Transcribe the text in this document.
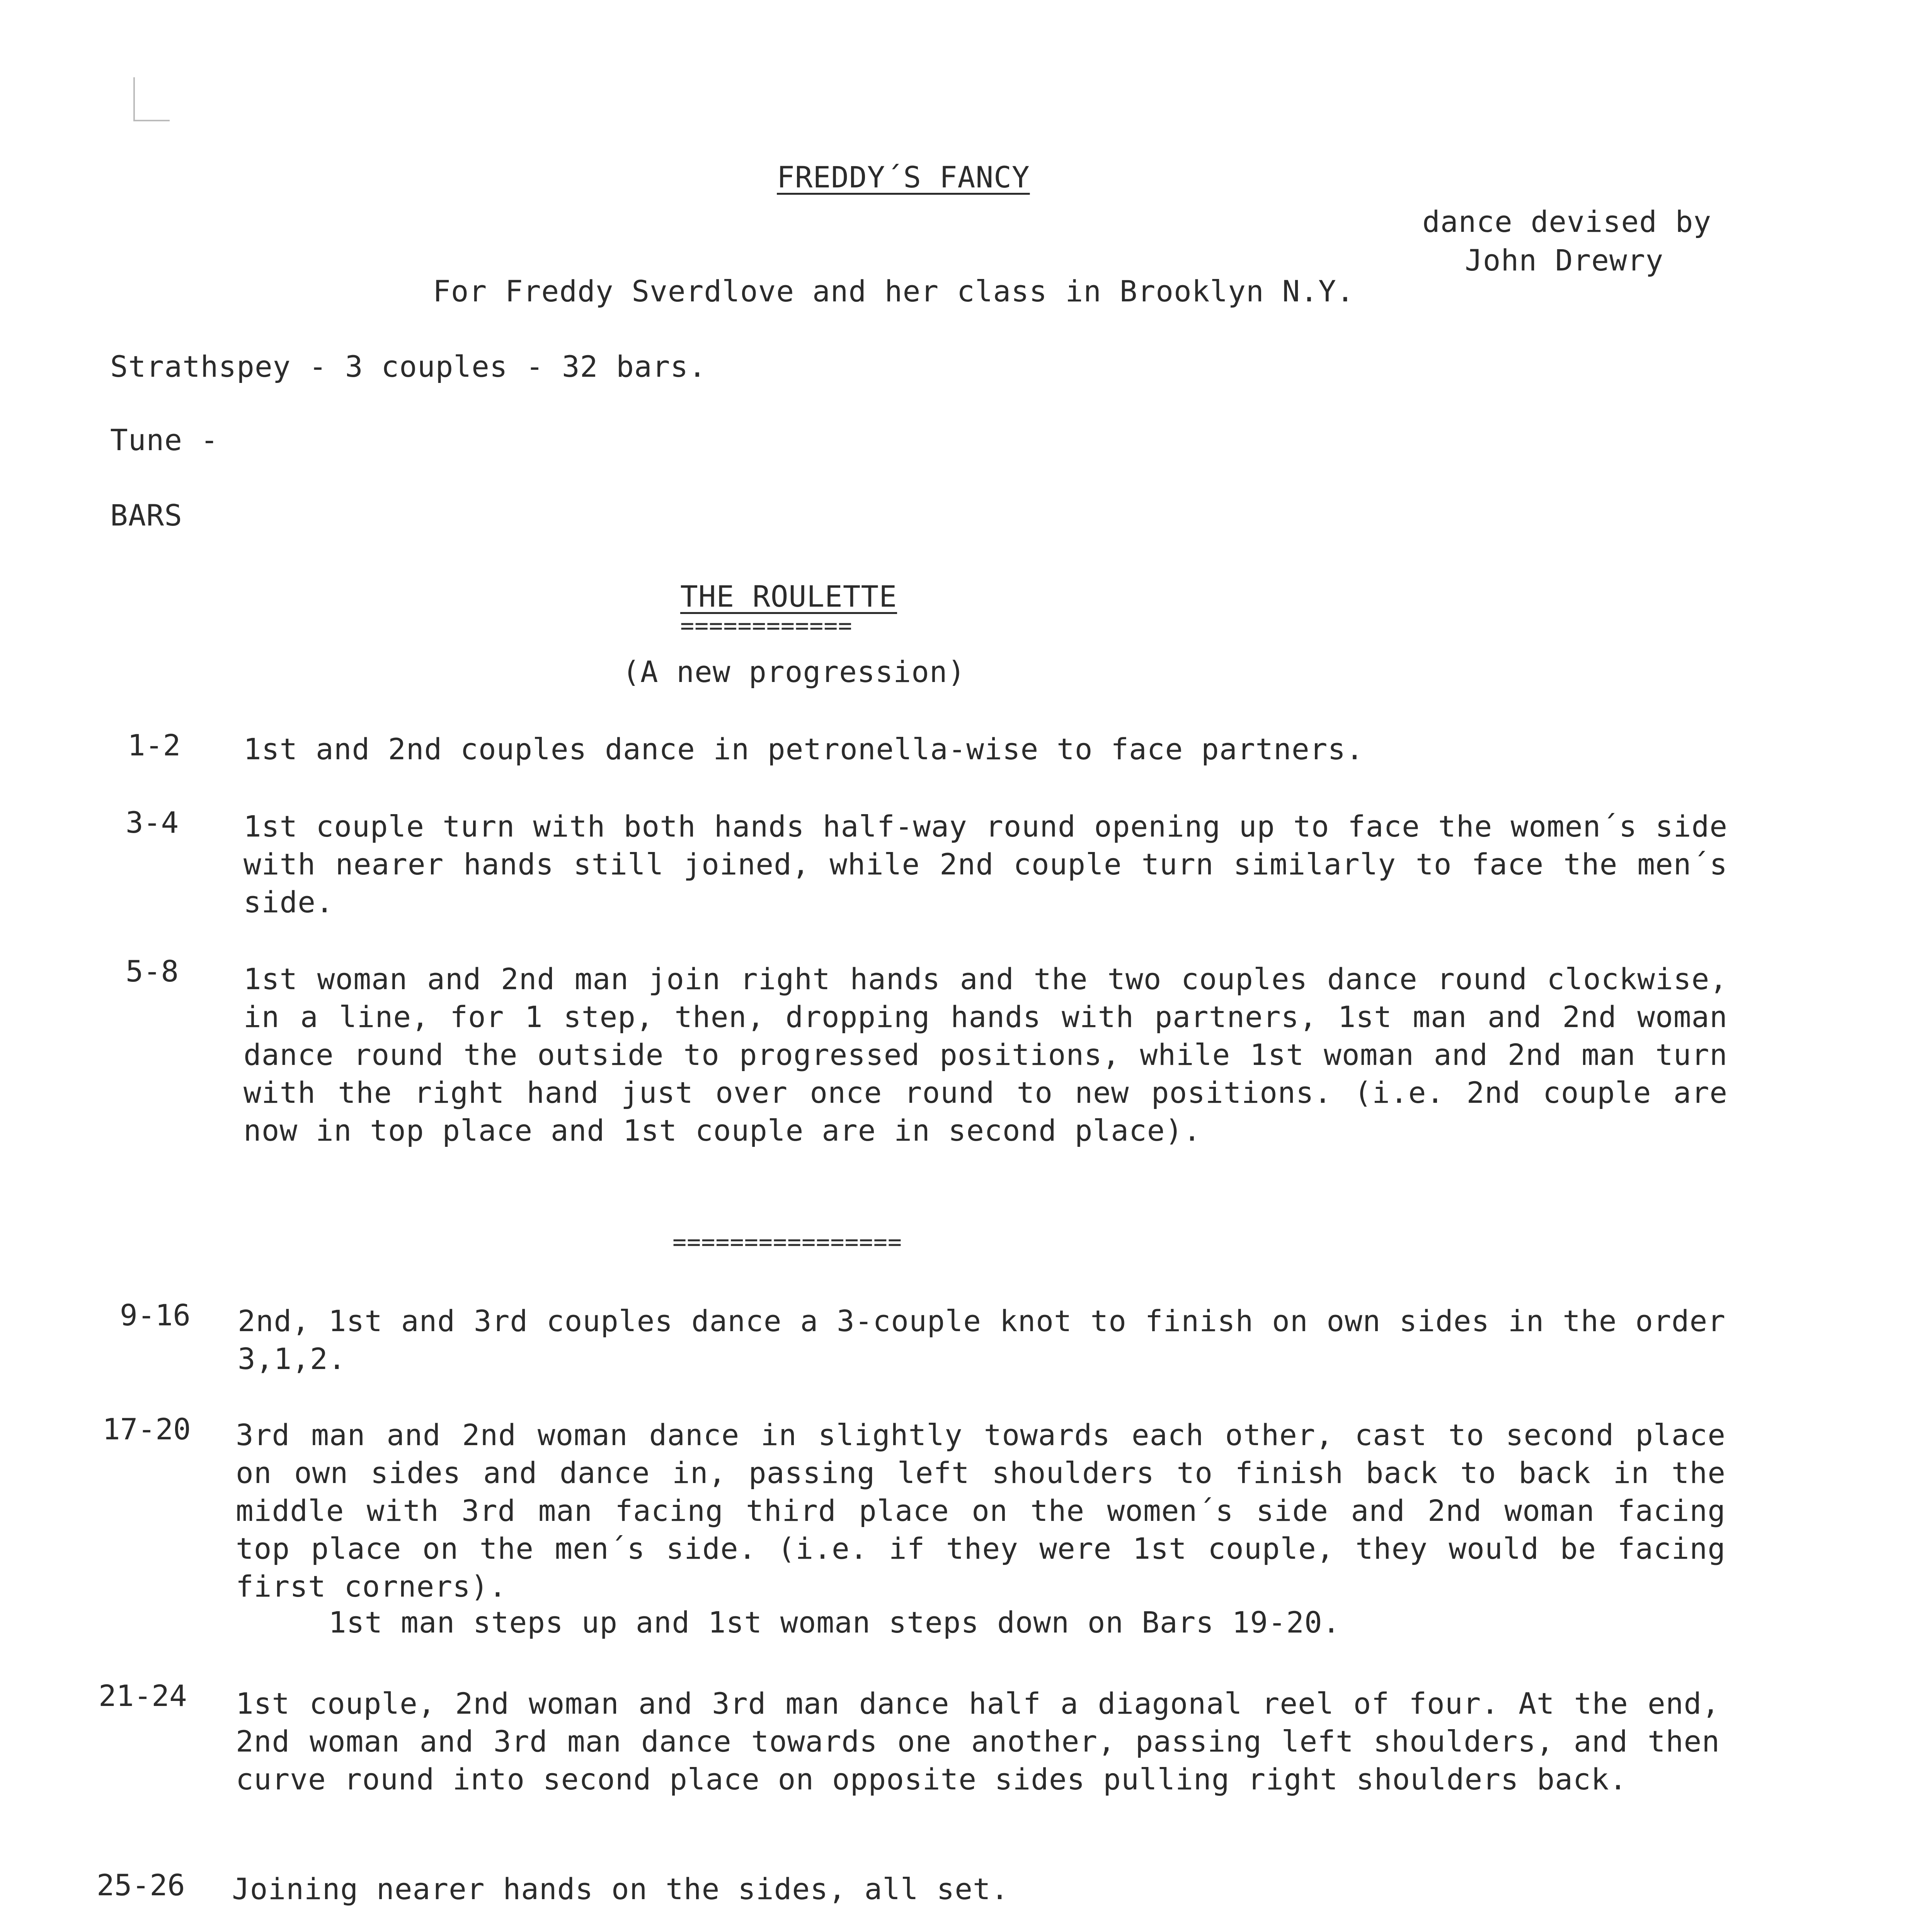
FREDDY´S FANCY
dance devised by
John Drewry
For Freddy Sverdlove and her class in Brooklyn N.Y.
Strathspey - 3 couples - 32 bars.
Tune -
BARS
THE ROULETTE
============
(A new progression)
1-2 1st and 2nd couples dance in petronella-wise to face partners.
3-4 1st couple turn with both hands half-way round opening up to face the women´s side with nearer hands still joined, while 2nd couple turn similarly to face the men´s side.
5-8 1st woman and 2nd man join right hands and the two couples dance round clockwise, in a line, for 1 step, then, dropping hands with partners, 1st man and 2nd woman dance round the outside to progressed positions, while 1st woman and 2nd man turn with the right hand just over once round to new positions. (i.e. 2nd couple are now in top place and 1st couple are in second place).
================
9-16 2nd, 1st and 3rd couples dance a 3-couple knot to finish on own sides in the order 3,1,2.
17-20 3rd man and 2nd woman dance in slightly towards each other, cast to second place on own sides and dance in, passing left shoulders to finish back to back in the middle with 3rd man facing third place on the women´s side and 2nd woman facing top place on the men´s side. (i.e. if they were 1st couple, they would be facing first corners).
1st man steps up and 1st woman steps down on Bars 19-20.
21-24 1st couple, 2nd woman and 3rd man dance half a diagonal reel of four. At the end, 2nd woman and 3rd man dance towards one another, passing left shoulders, and then curve round into second place on opposite sides pulling right shoulders back.
25-26 Joining nearer hands on the sides, all set.
